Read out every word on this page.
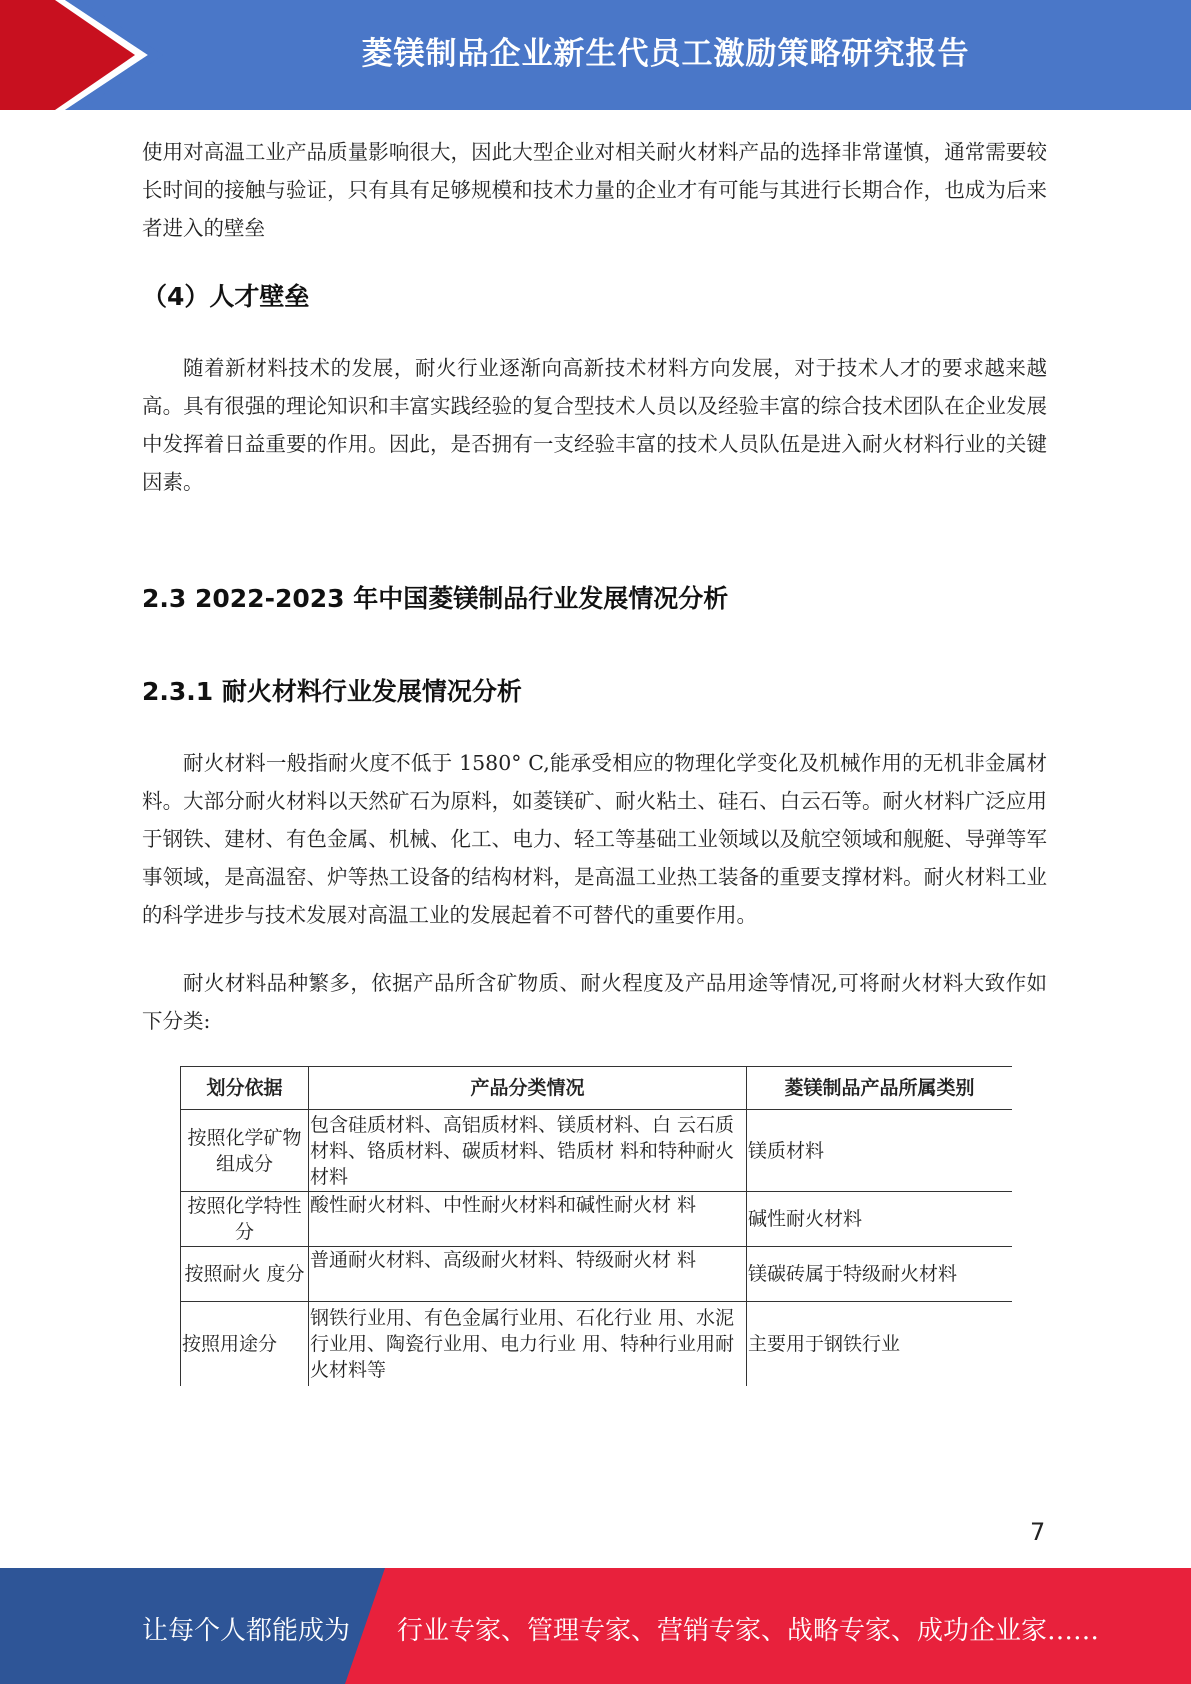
菱镁制品企业新生代员工激励策略研究报告

使用对高温工业产品质量影响很大，因此大型企业对相关耐火材料产品的选择非常谨慎，通常需要较长时间的接触与验证，只有具有足够规模和技术力量的企业才有可能与其进行长期合作，也成为后来者进入的壁垒

（4）人才壁垒

随着新材料技术的发展，耐火行业逐渐向高新技术材料方向发展，对于技术人才的要求越来越高。具有很强的理论知识和丰富实践经验的复合型技术人员以及经验丰富的综合技术团队在企业发展中发挥着日益重要的作用。因此，是否拥有一支经验丰富的技术人员队伍是进入耐火材料行业的关键因素。

2.3 2022-2023 年中国菱镁制品行业发展情况分析
2.3.1 耐火材料行业发展情况分析

耐火材料一般指耐火度不低于 1580° C,能承受相应的物理化学变化及机械作用的无机非金属材料。大部分耐火材料以天然矿石为原料，如菱镁矿、耐火粘土、硅石、白云石等。耐火材料广泛应用于钢铁、建材、有色金属、机械、化工、电力、轻工等基础工业领域以及航空领域和舰艇、导弹等军事领域，是高温窑、炉等热工设备的结构材料，是高温工业热工装备的重要支撑材料。耐火材料工业的科学进步与技术发展对高温工业的发展起着不可替代的重要作用。

耐火材料品种繁多，依据产品所含矿物质、耐火程度及产品用途等情况,可将耐火材料大致作如下分类:

划分依据	产品分类情况	菱镁制品产品所属类别
按照化学矿物组成分	包含硅质材料、高铝质材料、镁质材料、白 云石质材料、铬质材料、碳质材料、锆质材 料和特种耐火材料	镁质材料
按照化学特性分	酸性耐火材料、中性耐火材料和碱性耐火材 料	碱性耐火材料
按照耐火 度分	普通耐火材料、高级耐火材料、特级耐火材 料	镁碳砖属于特级耐火材料
按照用途分	钢铁行业用、有色金属行业用、石化行业 用、水泥行业用、陶瓷行业用、电力行业 用、特种行业用耐火材料等	主要用于钢铁行业
7
让每个人都能成为 行业专家、管理专家、营销专家、战略专家、成功企业家……
